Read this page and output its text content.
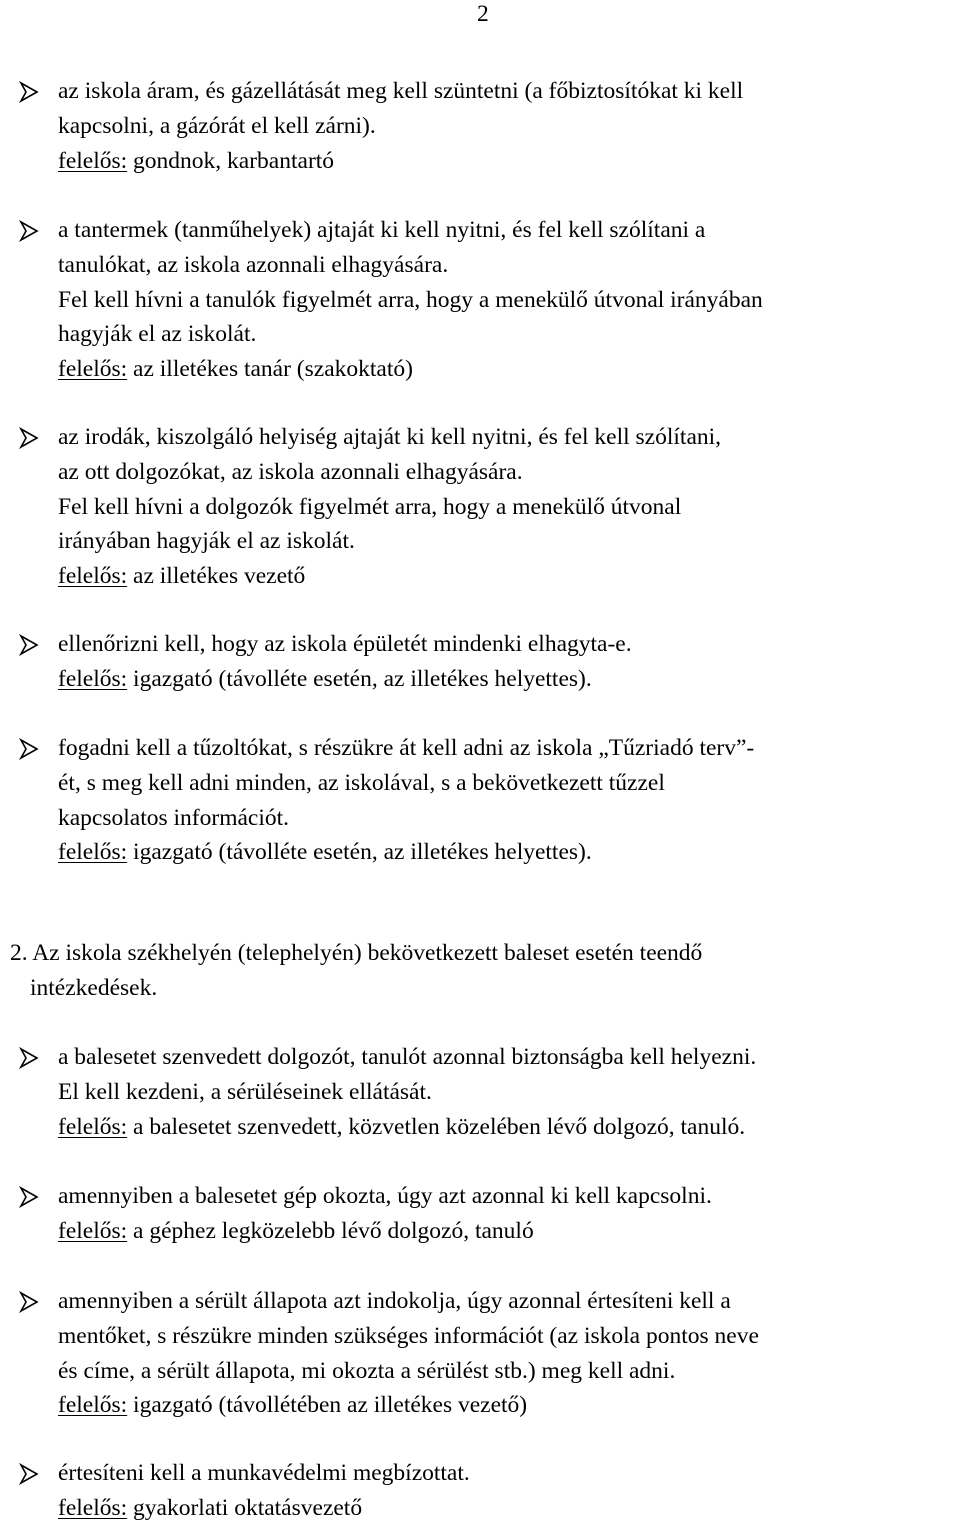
2
az iskola áram, és gázellátását meg kell szüntetni (a főbiztosítókat ki kell
kapcsolni, a gázórát el kell zárni).
felelős: gondnok, karbantartó
a tantermek (tanműhelyek) ajtaját ki kell nyitni, és fel kell szólítani a
tanulókat, az iskola azonnali elhagyására.
Fel kell hívni a tanulók figyelmét arra, hogy a menekülő útvonal irányában
hagyják el az iskolát.
felelős: az illetékes tanár (szakoktató)
az irodák, kiszolgáló helyiség ajtaját ki kell nyitni, és fel kell szólítani,
az ott dolgozókat, az iskola azonnali elhagyására.
Fel kell hívni a dolgozók figyelmét arra, hogy a menekülő útvonal
irányában hagyják el az iskolát.
felelős: az illetékes vezető
ellenőrizni kell, hogy az iskola épületét mindenki elhagyta-e.
felelős: igazgató (távolléte esetén, az illetékes helyettes).
fogadni kell a tűzoltókat, s részükre át kell adni az iskola „Tűzriadó terv”-
ét, s meg kell adni minden, az iskolával, s a bekövetkezett tűzzel
kapcsolatos információt.
felelős: igazgató (távolléte esetén, az illetékes helyettes).
2. Az iskola székhelyén (telephelyén) bekövetkezett baleset esetén teendő
intézkedések.
a balesetet szenvedett dolgozót, tanulót azonnal biztonságba kell helyezni.
El kell kezdeni, a sérüléseinek ellátását.
felelős: a balesetet szenvedett, közvetlen közelében lévő dolgozó, tanuló.
amennyiben a balesetet gép okozta, úgy azt azonnal ki kell kapcsolni.
felelős: a géphez legközelebb lévő dolgozó, tanuló
amennyiben a sérült állapota azt indokolja, úgy azonnal értesíteni kell a
mentőket, s részükre minden szükséges információt (az iskola pontos neve
és címe, a sérült állapota, mi okozta a sérülést stb.) meg kell adni.
felelős: igazgató (távollétében az illetékes vezető)
értesíteni kell a munkavédelmi megbízottat.
felelős: gyakorlati oktatásvezető
